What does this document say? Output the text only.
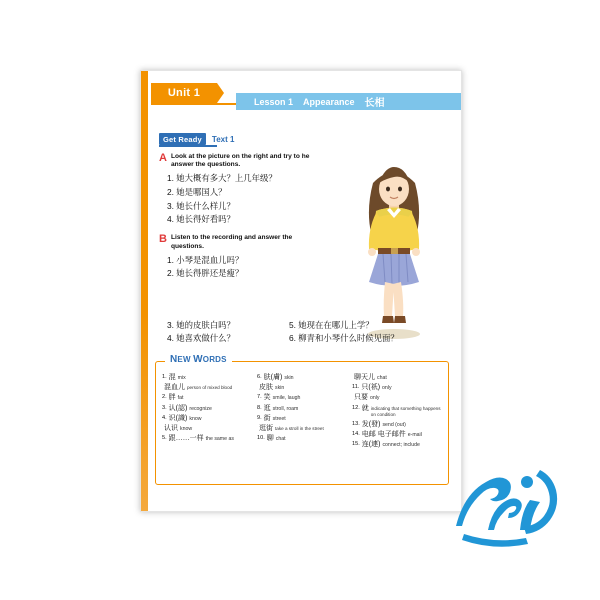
Unit 1
Lesson 1 Appearance 长相
Get Ready	Text 1
A Look at the picture on the right and try to he answer the questions.
1. 她大概有多大？上几年级？
2. 她是哪国人？
3. 她长什么样儿？
4. 她长得好看吗？
B Listen to the recording and answer the questions.
1. 小琴是混血儿吗？
2. 她长得胖还是瘦？
3. 她的皮肤白吗？	5. 她现在在哪儿上学？
4. 她喜欢做什么？	6. 柳青和小琴什么时候见面？
1. 混 mix
混血儿 person of mixed blood
2. 胖 fat
3. 认(認) recognize
4. 识(識) know
认识 know
5. 跟……一样 the same as
6. 肤(膚) skin
皮肤 skin
7. 笑 smile, laugh
8. 逛 stroll, roam
9. 街 street
逛街 take a stroll in the street
10. 聊 chat
聊天儿 chat
11. 只(祇) only
只要 only
12. 就 indicating that something happens on condition
13. 发(發) send (out)
14. 电邮 电子邮件 e-mail
15. 连(連) connect; include
NEW WORDS
